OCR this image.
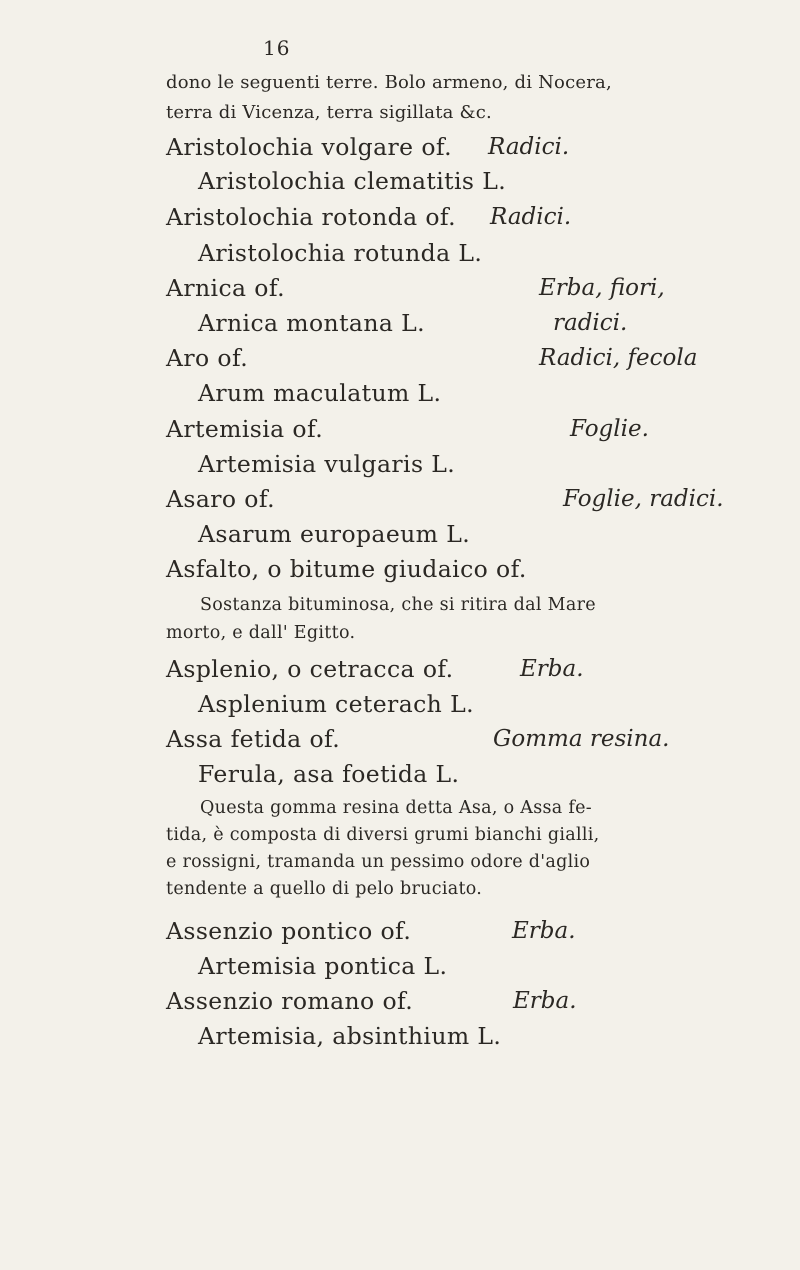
16
dono le seguenti terre. Bolo armeno, di Nocera,
terra di Vicenza, terra sigillata &c.
Aristolochia volgare of. Radici.
Aristolochia clematitis L.
Aristolochia rotonda of. Radici.
Aristolochia rotunda L.
Arnica of.	Erba, fiori,
Arnica montana L.	radici.
Aro of.	Radici, fecola
Arum maculatum L.
Artemisia of.	Foglie.
Artemisia vulgaris L.
Asaro of.	Foglie, radici.
Asarum europaeum L.
Asfalto, o bitume giudaico of.
Sostanza bituminosa, che si ritira dal Mare
morto, e dall' Egitto.
Asplenio, o cetracca of.	Erba.
Asplenium ceterach L.
Assa fetida of.	Gomma resina.
Ferula, asa foetida L.
Questa gomma resina detta Asa, o Assa fe-
tida, è composta di diversi grumi bianchi gialli,
e rossigni, tramanda un pessimo odore d'aglio
tendente a quello di pelo bruciato.
Assenzio pontico of.	Erba.
Artemisia pontica L.
Assenzio romano of.	Erba.
Artemisia, absinthium L.
